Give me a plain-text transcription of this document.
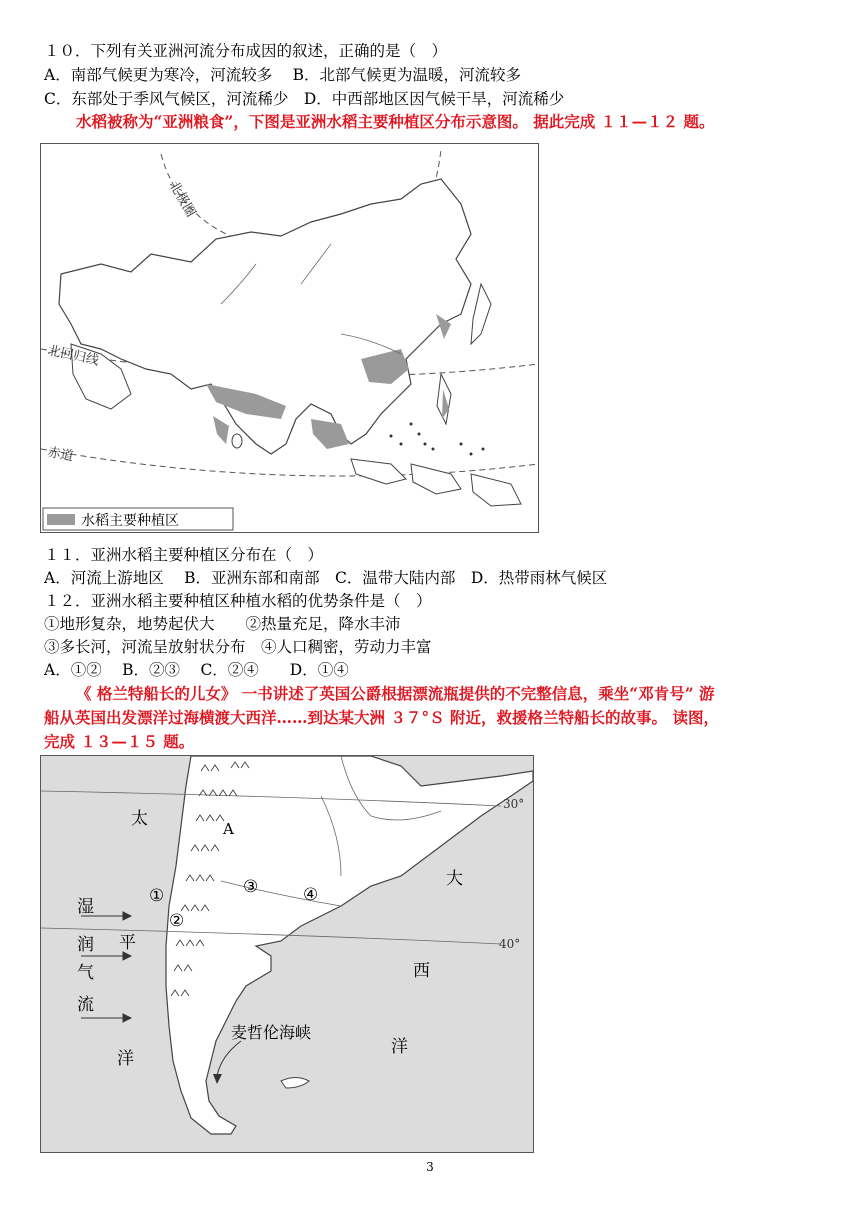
１０．下列有关亚洲河流分布成因的叙述，正确的是（　）
A．南部气候更为寒冷，河流较多　 B．北部气候更为温暖，河流较多
C．东部处于季风气候区，河流稀少　D．中西部地区因气候干旱，河流稀少
水稻被称为“亚洲粮食”，下图是亚洲水稻主要种植区分布示意图。 据此完成 １１—１２ 题。
北极圈
北回归线
赤道
水稻主要种植区
１１．亚洲水稻主要种植区分布在（　）
A．河流上游地区　 B．亚洲东部和南部　C．温带大陆内部　D．热带雨林气候区
１２．亚洲水稻主要种植区种植水稻的优势条件是（　）
①地形复杂，地势起伏大　　②热量充足，降水丰沛
③多长河，河流呈放射状分布　④人口稠密，劳动力丰富
A．①②　 B．②③　 C．②④　　D．①④
《 格兰特船长的儿女》 一书讲述了英国公爵根据漂流瓶提供的不完整信息，乘坐“邓肯号” 游
船从英国出发漂洋过海横渡大西洋……到达某大洲 ３７°Ｓ 附近，救援格兰特船长的故事。 读图，
完成 １３—１５ 题。
30°
40°
太
平
洋
大
西
洋
湿
润
气
流
A
①
②
③	④
麦哲伦海峡
3
